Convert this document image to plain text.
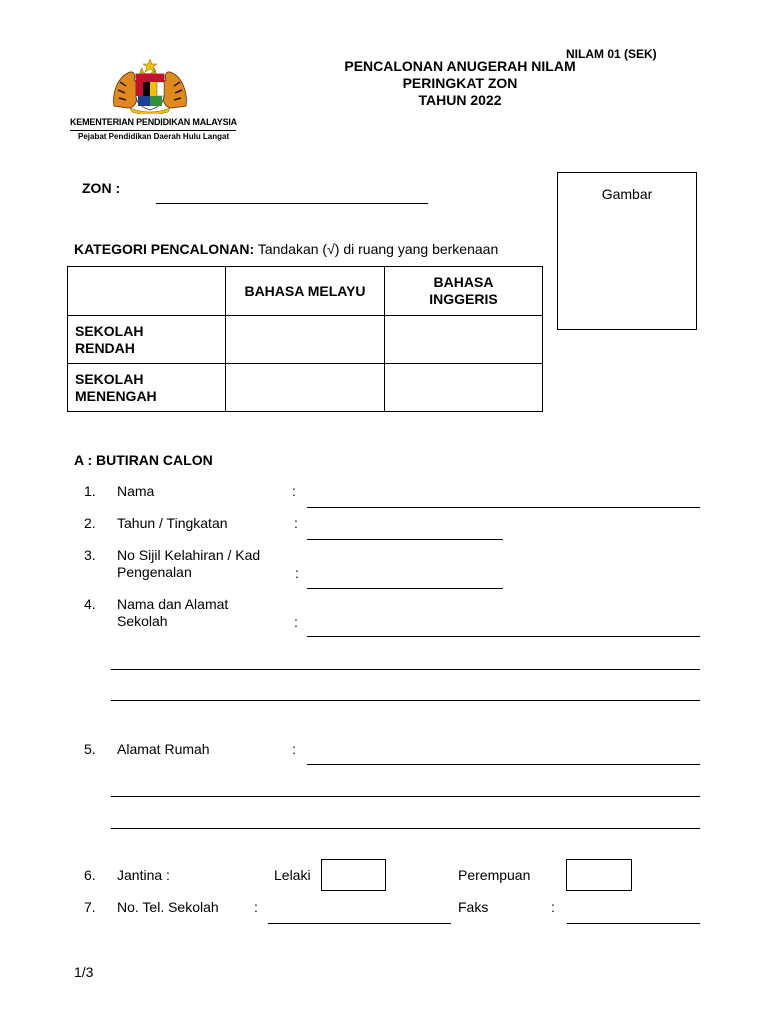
NILAM 01 (SEK)
PENCALONAN ANUGERAH NILAM
PERINGKAT ZON
TAHUN 2022
KEMENTERIAN PENDIDIKAN MALAYSIA
Pejabat Pendidikan Daerah Hulu Langat
ZON :	Gambar
KATEGORI PENCALONAN: Tandakan (√) di ruang yang berkenaan
	BAHASA MELAYU	BAHASA INGGERIS

SEKOLAH RENDAH		

SEKOLAH MENENGAH		

A : BUTIRAN CALON
1. Nama	:
2. Tahun / Tingkatan	:
3. No Sijil Kelahiran / Kad
Pengenalan	:
4. Nama dan Alamat
Sekolah	:
5. Alamat Rumah	:
6. Jantina :	Lelaki	Perempuan
7. No. Tel. Sekolah	:	Faks	:
1/3
